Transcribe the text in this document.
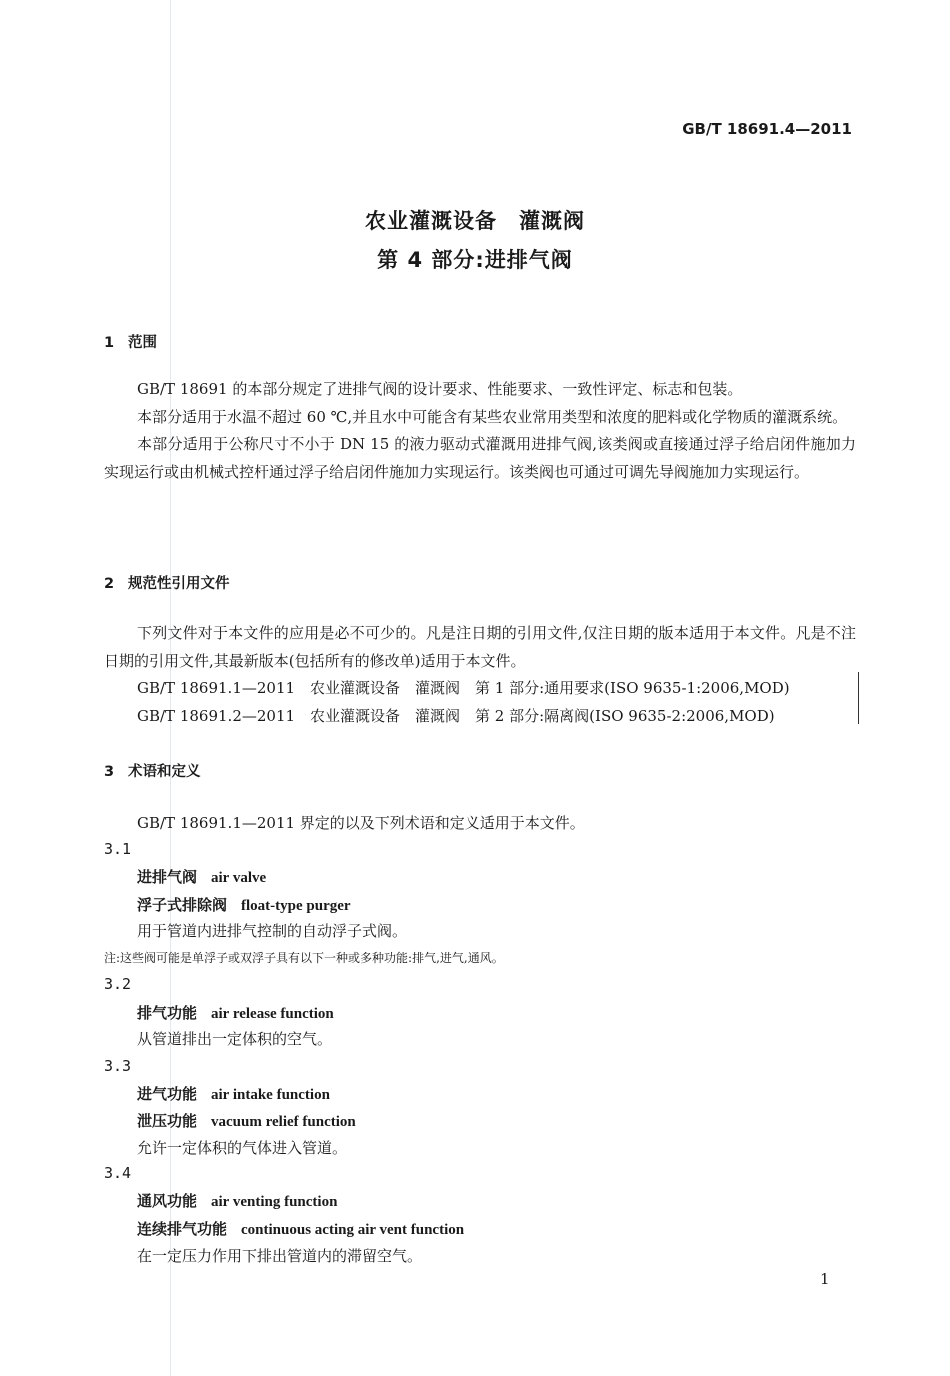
GB/T 18691.4—2011
农业灌溉设备　灌溉阀
第 4 部分:进排气阀
1 范围

GB/T 18691 的本部分规定了进排气阀的设计要求、性能要求、一致性评定、标志和包装。

本部分适用于水温不超过 60 ℃,并且水中可能含有某些农业常用类型和浓度的肥料或化学物质的灌溉系统。

本部分适用于公称尺寸不小于 DN 15 的液力驱动式灌溉用进排气阀,该类阀或直接通过浮子给启闭件施加力实现运行或由机械式控杆通过浮子给启闭件施加力实现运行。该类阀也可通过可调先导阀施加力实现运行。

2 规范性引用文件

下列文件对于本文件的应用是必不可少的。凡是注日期的引用文件,仅注日期的版本适用于本文件。凡是不注日期的引用文件,其最新版本(包括所有的修改单)适用于本文件。

GB/T 18691.1—2011　农业灌溉设备　灌溉阀　第 1 部分:通用要求(ISO 9635-1:2006,MOD)
GB/T 18691.2—2011　农业灌溉设备　灌溉阀　第 2 部分:隔离阀(ISO 9635-2:2006,MOD)
3 术语和定义
GB/T 18691.1—2011 界定的以及下列术语和定义适用于本文件。
3.1
进排气阀 air valve
浮子式排除阀 float-type purger
用于管道内进排气控制的自动浮子式阀。
注:这些阀可能是单浮子或双浮子具有以下一种或多种功能:排气,进气,通风。
3.2
排气功能 air release function
从管道排出一定体积的空气。
3.3
进气功能 air intake function
泄压功能 vacuum relief function
允许一定体积的气体进入管道。
3.4
通风功能 air venting function
连续排气功能 continuous acting air vent function
在一定压力作用下排出管道内的滞留空气。
1
